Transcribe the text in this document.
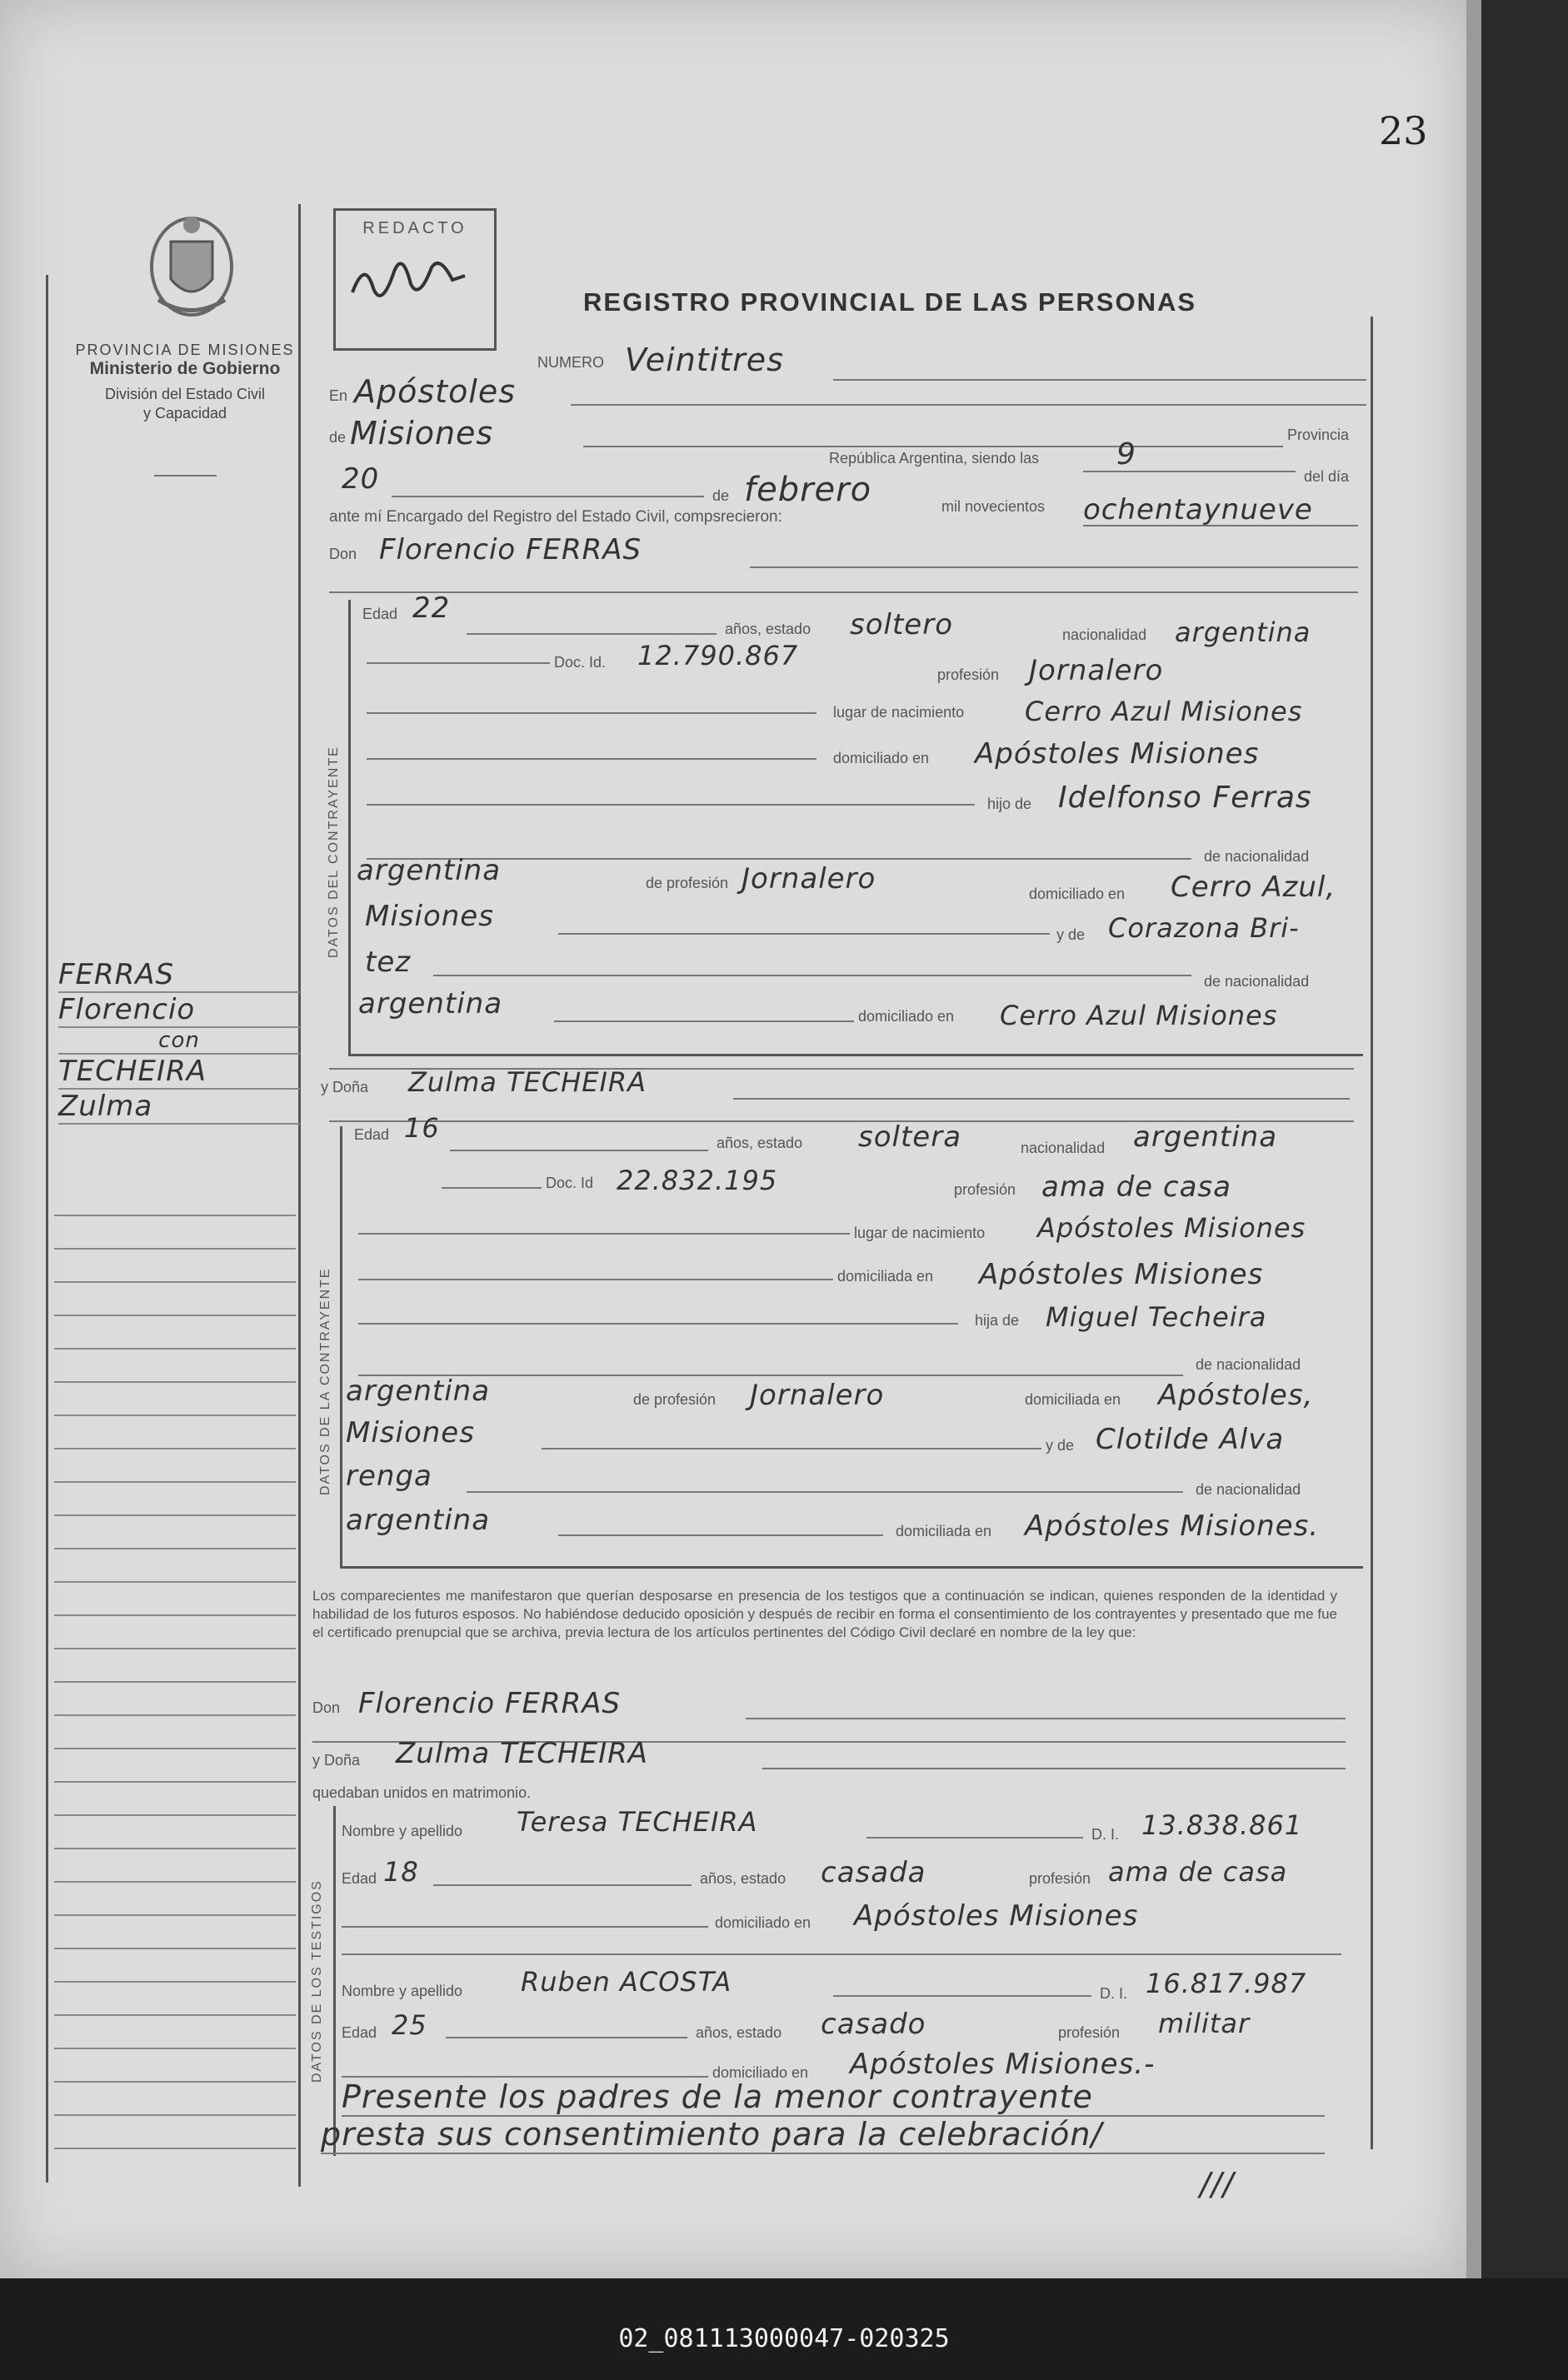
23
PROVINCIA DE MISIONES
Ministerio de Gobierno
División del Estado Civil
y Capacidad
FERRAS
Florencio
con
TECHEIRA
Zulma
REDACTO
REGISTRO PROVINCIAL DE LAS PERSONAS
NUMERO Veintitres
En Apóstoles
de Misiones	Provincia
República Argentina, siendo las	9
del día
20	de febrero	mil novecientos ochentaynueve
ante mí Encargado del Registro del Estado Civil, compsrecieron:
Don Florencio FERRAS
DATOS DEL CONTRAYENTE
Edad 22
años, estado soltero	nacionalidad argentina
Doc. Id. 12.790.867
profesión Jornalero
lugar de nacimiento Cerro Azul Misiones
domiciliado en Apóstoles Misiones
hijo de Idelfonso Ferras
de nacionalidad
argentina	de profesión Jornalero	domiciliado en Cerro Azul,
Misiones
y de Corazona Bri-
tez
de nacionalidad
argentina	domiciliado en Cerro Azul Misiones
y Doña Zulma TECHEIRA
DATOS DE LA CONTRAYENTE
Edad 16	años, estado soltera	nacionalidad argentina
Doc. Id 22.832.195	profesión ama de casa
lugar de nacimiento Apóstoles Misiones
domiciliada en Apóstoles Misiones
hija de Miguel Techeira
de nacionalidad
argentina	de profesión Jornalero	domiciliada en Apóstoles,
Misiones	y de Clotilde Alva
renga	de nacionalidad
argentina	domiciliada en Apóstoles Misiones.
Los comparecientes me manifestaron que querían desposarse en presencia de los testigos que a continuación se indican, quienes responden de la identidad y habilidad de los futuros esposos. No habiéndose deducido oposición y después de recibir en forma el consentimiento de los contrayentes y presentado que me fue el certificado prenupcial que se archiva, previa lectura de los artículos pertinentes del Código Civil declaré en nombre de la ley que:
Don Florencio FERRAS
y Doña Zulma TECHEIRA
quedaban unidos en matrimonio.
DATOS DE LOS TESTIGOS
Nombre y apellido Teresa TECHEIRA	D. I. 13.838.861
Edad 18	años, estado casada	profesión ama de casa
domiciliado en Apóstoles Misiones
Nombre y apellido Ruben ACOSTA	D. I. 16.817.987
Edad 25	años, estado casado	profesión militar
domiciliado en Apóstoles Misiones.-
Presente los padres de la menor contrayente
presta sus consentimiento para la celebración/
///
02_081113000047-020325
